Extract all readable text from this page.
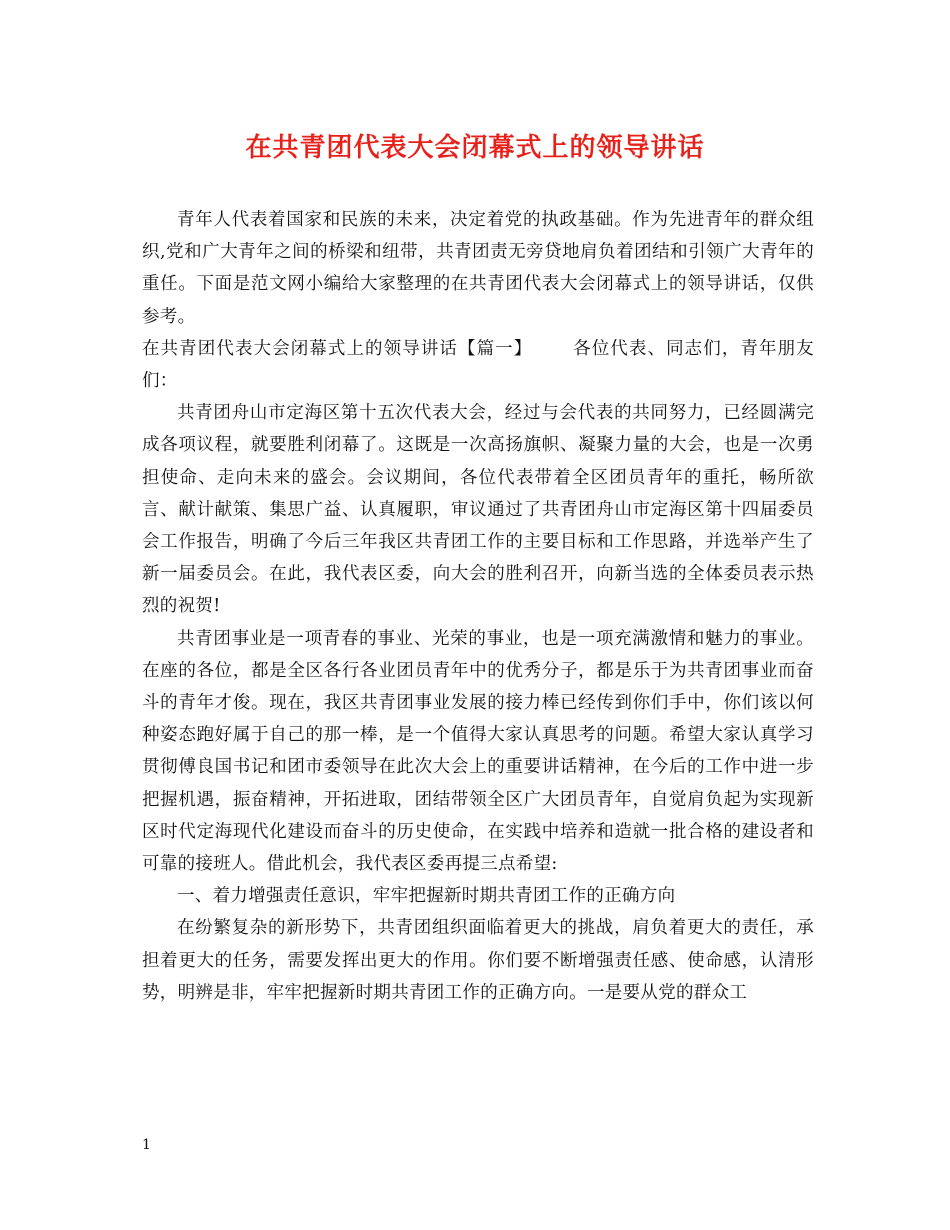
在共青团代表大会闭幕式上的领导讲话

青年人代表着国家和民族的未来，决定着党的执政基础。作为先进青年的群众组织,党和广大青年之间的桥梁和纽带，共青团责无旁贷地肩负着团结和引领广大青年的重任。下面是范文网小编给大家整理的在共青团代表大会闭幕式上的领导讲话，仅供参考。

在共青团代表大会闭幕式上的领导讲话【篇一】 各位代表、同志们，青年朋友们：

共青团舟山市定海区第十五次代表大会，经过与会代表的共同努力，已经圆满完成各项议程，就要胜利闭幕了。这既是一次高扬旗帜、凝聚力量的大会，也是一次勇担使命、走向未来的盛会。会议期间，各位代表带着全区团员青年的重托，畅所欲言、献计献策、集思广益、认真履职，审议通过了共青团舟山市定海区第十四届委员会工作报告，明确了今后三年我区共青团工作的主要目标和工作思路，并选举产生了新一届委员会。在此，我代表区委，向大会的胜利召开，向新当选的全体委员表示热烈的祝贺!

共青团事业是一项青春的事业、光荣的事业，也是一项充满激情和魅力的事业。在座的各位，都是全区各行各业团员青年中的优秀分子，都是乐于为共青团事业而奋斗的青年才俊。现在，我区共青团事业发展的接力棒已经传到你们手中，你们该以何种姿态跑好属于自己的那一棒，是一个值得大家认真思考的问题。希望大家认真学习贯彻傅良国书记和团市委领导在此次大会上的重要讲话精神，在今后的工作中进一步把握机遇，振奋精神，开拓进取，团结带领全区广大团员青年，自觉肩负起为实现新区时代定海现代化建设而奋斗的历史使命，在实践中培养和造就一批合格的建设者和可靠的接班人。借此机会，我代表区委再提三点希望:

一、着力增强责任意识，牢牢把握新时期共青团工作的正确方向

在纷繁复杂的新形势下，共青团组织面临着更大的挑战，肩负着更大的责任，承担着更大的任务，需要发挥出更大的作用。你们要不断增强责任感、使命感，认清形势，明辨是非，牢牢把握新时期共青团工作的正确方向。一是要从党的群众工

1
